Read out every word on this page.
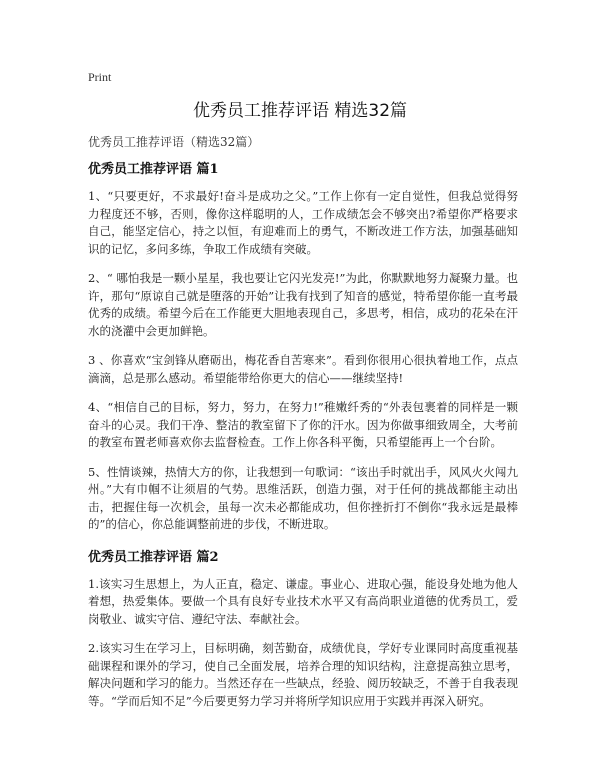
Print
优秀员工推荐评语 精选32篇
优秀员工推荐评语（精选32篇）
优秀员工推荐评语 篇1

1、“只要更好，不求最好!奋斗是成功之父。”工作上你有一定自觉性，但我总觉得努力程度还不够，否则，像你这样聪明的人，工作成绩怎会不够突出?希望你严格要求自己，能坚定信心，持之以恒，有迎难而上的勇气，不断改进工作方法，加强基础知识的记忆，多问多练，争取工作成绩有突破。

2、“ 哪怕我是一颗小星星，我也要让它闪光发亮!”为此，你默默地努力凝聚力量。也许，那句“原谅自己就是堕落的开始”让我有找到了知音的感觉，特希望你能一直考最优秀的成绩。希望今后在工作能更大胆地表现自己，多思考，相信，成功的花朵在汗水的浇灌中会更加鲜艳。

3 、你喜欢“宝剑锋从磨砺出，梅花香自苦寒来”。看到你很用心很执着地工作，点点滴滴，总是那么感动。希望能带给你更大的信心——继续坚持!

4、“相信自己的目标，努力，努力，在努力!”稚嫩纤秀的“外表包裹着的同样是一颗奋斗的心灵。我们干净、整洁的教室留下了你的汗水。因为你做事细致周全，大考前的教室布置老师喜欢你去监督检查。工作上你各科平衡，只希望能再上一个台阶。

5、性情谈辣，热情大方的你，让我想到一句歌词：“该出手时就出手，风风火火闯九州。”大有巾帼不让须眉的气势。思维活跃，创造力强，对于任何的挑战都能主动出击，把握住每一次机会，虽每一次未必都能成功，但你挫折打不倒你“我永远是最棒的”的信心，你总能调整前进的步伐，不断进取。

优秀员工推荐评语 篇2

1.该实习生思想上，为人正直，稳定、谦虚。事业心、进取心强，能设身处地为他人着想，热爱集体。要做一个具有良好专业技术水平又有高尚职业道德的优秀员工，爱岗敬业、诚实守信、遵纪守法、奉献社会。

2.该实习生在学习上，目标明确，刻苦勤奋，成绩优良，学好专业课同时高度重视基础课程和课外的学习，使自己全面发展，培养合理的知识结构，注意提高独立思考，解决问题和学习的能力。当然还存在一些缺点，经验、阅历较缺乏，不善于自我表现等。“学而后知不足”今后要更努力学习并将所学知识应用于实践并再深入研究。
